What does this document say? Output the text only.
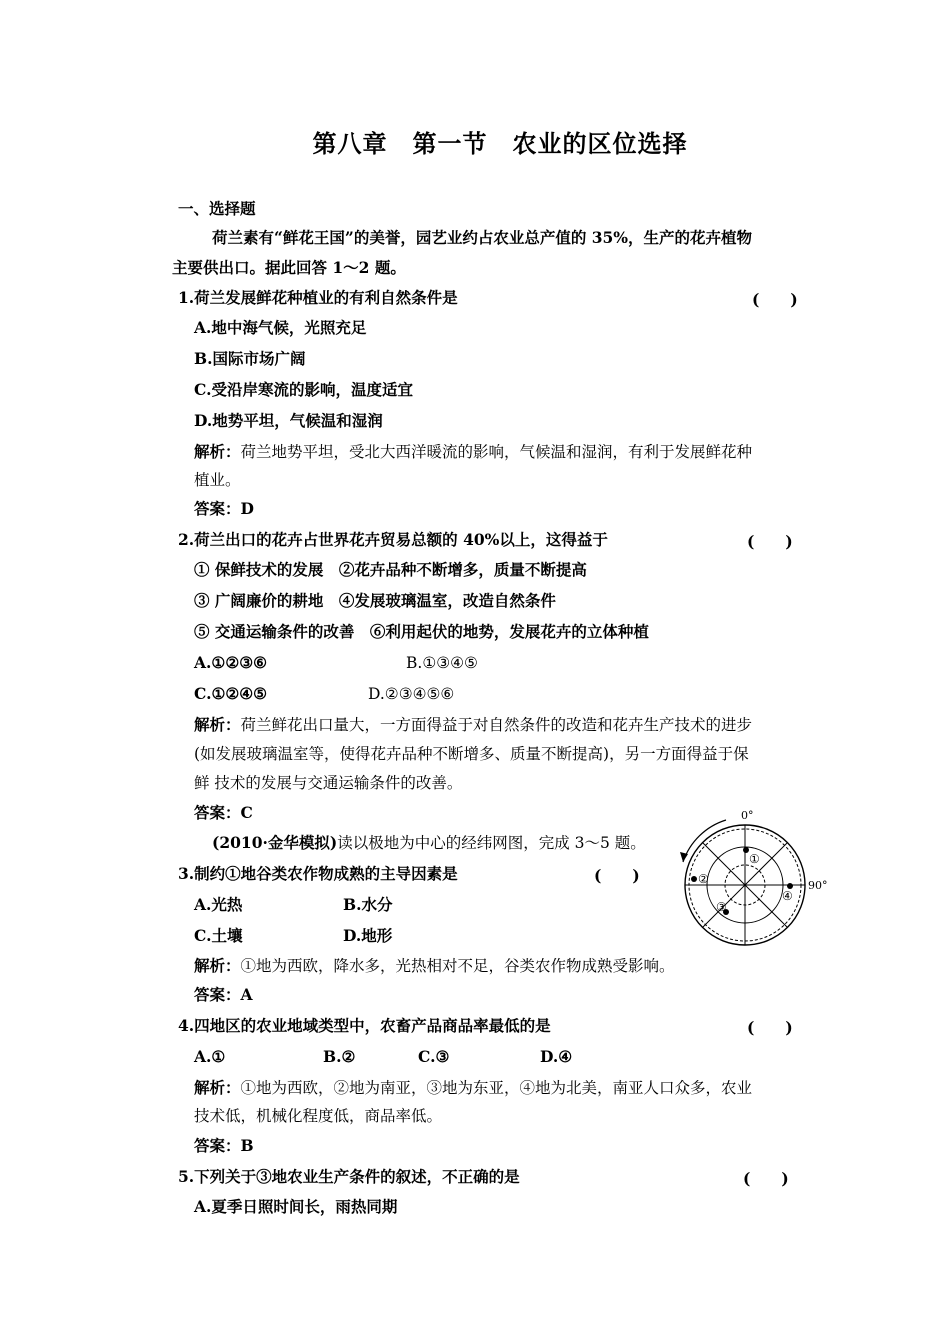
第八章　第一节　农业的区位选择
一、选择题
荷兰素有“鲜花王国”的美誉，园艺业约占农业总产值的 35%，生产的花卉植物
主要供出口。据此回答 1～2 题。
1.荷兰发展鲜花种植业的有利自然条件是	(　　)
A.地中海气候，光照充足
B.国际市场广阔
C.受沿岸寒流的影响，温度适宜
D.地势平坦，气候温和湿润
解析：荷兰地势平坦，受北大西洋暖流的影响，气候温和湿润，有利于发展鲜花种
植业。
答案：D
2.荷兰出口的花卉占世界花卉贸易总额的 40%以上，这得益于	(　　)
① 保鲜技术的发展　②花卉品种不断增多，质量不断提高
③ 广阔廉价的耕地　④发展玻璃温室，改造自然条件
⑤ 交通运输条件的改善　⑥利用起伏的地势，发展花卉的立体种植
A.①②③⑥	B.①③④⑤
C.①②④⑤	D.②③④⑤⑥
解析：荷兰鲜花出口量大，一方面得益于对自然条件的改造和花卉生产技术的进步
(如发展玻璃温室等，使得花卉品种不断增多、质量不断提高)，另一方面得益于保
鲜 技术的发展与交通运输条件的改善。
答案：C
(2010·金华模拟)读以极地为中心的经纬网图，完成 3～5 题。
0°
90°
①
②
③
④
3.制约①地谷类农作物成熟的主导因素是	(　　)
A.光热	B.水分
C.土壤	D.地形
解析：①地为西欧，降水多，光热相对不足，谷类农作物成熟受影响。
答案：A
4.四地区的农业地域类型中，农畜产品商品率最低的是	(　　)
A.①	B.②	C.③	D.④
解析：①地为西欧，②地为南亚，③地为东亚，④地为北美，南亚人口众多，农业
技术低，机械化程度低，商品率低。
答案：B
5.下列关于③地农业生产条件的叙述，不正确的是	(　　)
A.夏季日照时间长，雨热同期
